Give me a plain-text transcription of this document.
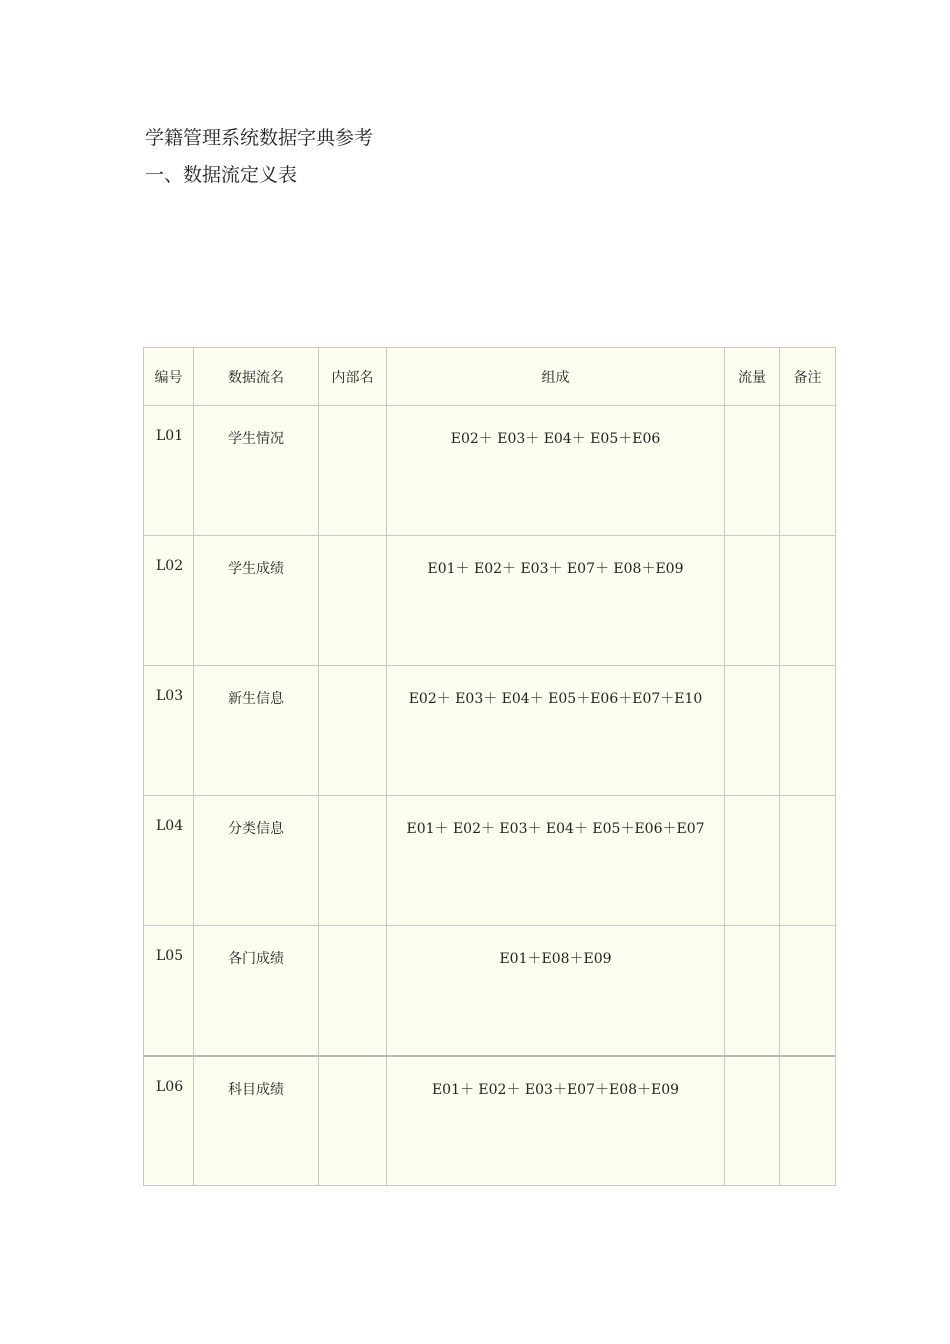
学籍管理系统数据字典参考
一、数据流定义表
编号	数据流名	内部名	组成	流量	备注
L01	学生情况		E02＋ E03＋ E04＋ E05＋E06		
L02	学生成绩		E01＋ E02＋ E03＋ E07＋ E08＋E09		
L03	新生信息		E02＋ E03＋ E04＋ E05＋E06＋E07＋E10		
L04	分类信息		E01＋ E02＋ E03＋ E04＋ E05＋E06＋E07		
L05	各门成绩		E01＋E08＋E09		
L06	科目成绩		E01＋ E02＋ E03＋E07＋E08＋E09		
